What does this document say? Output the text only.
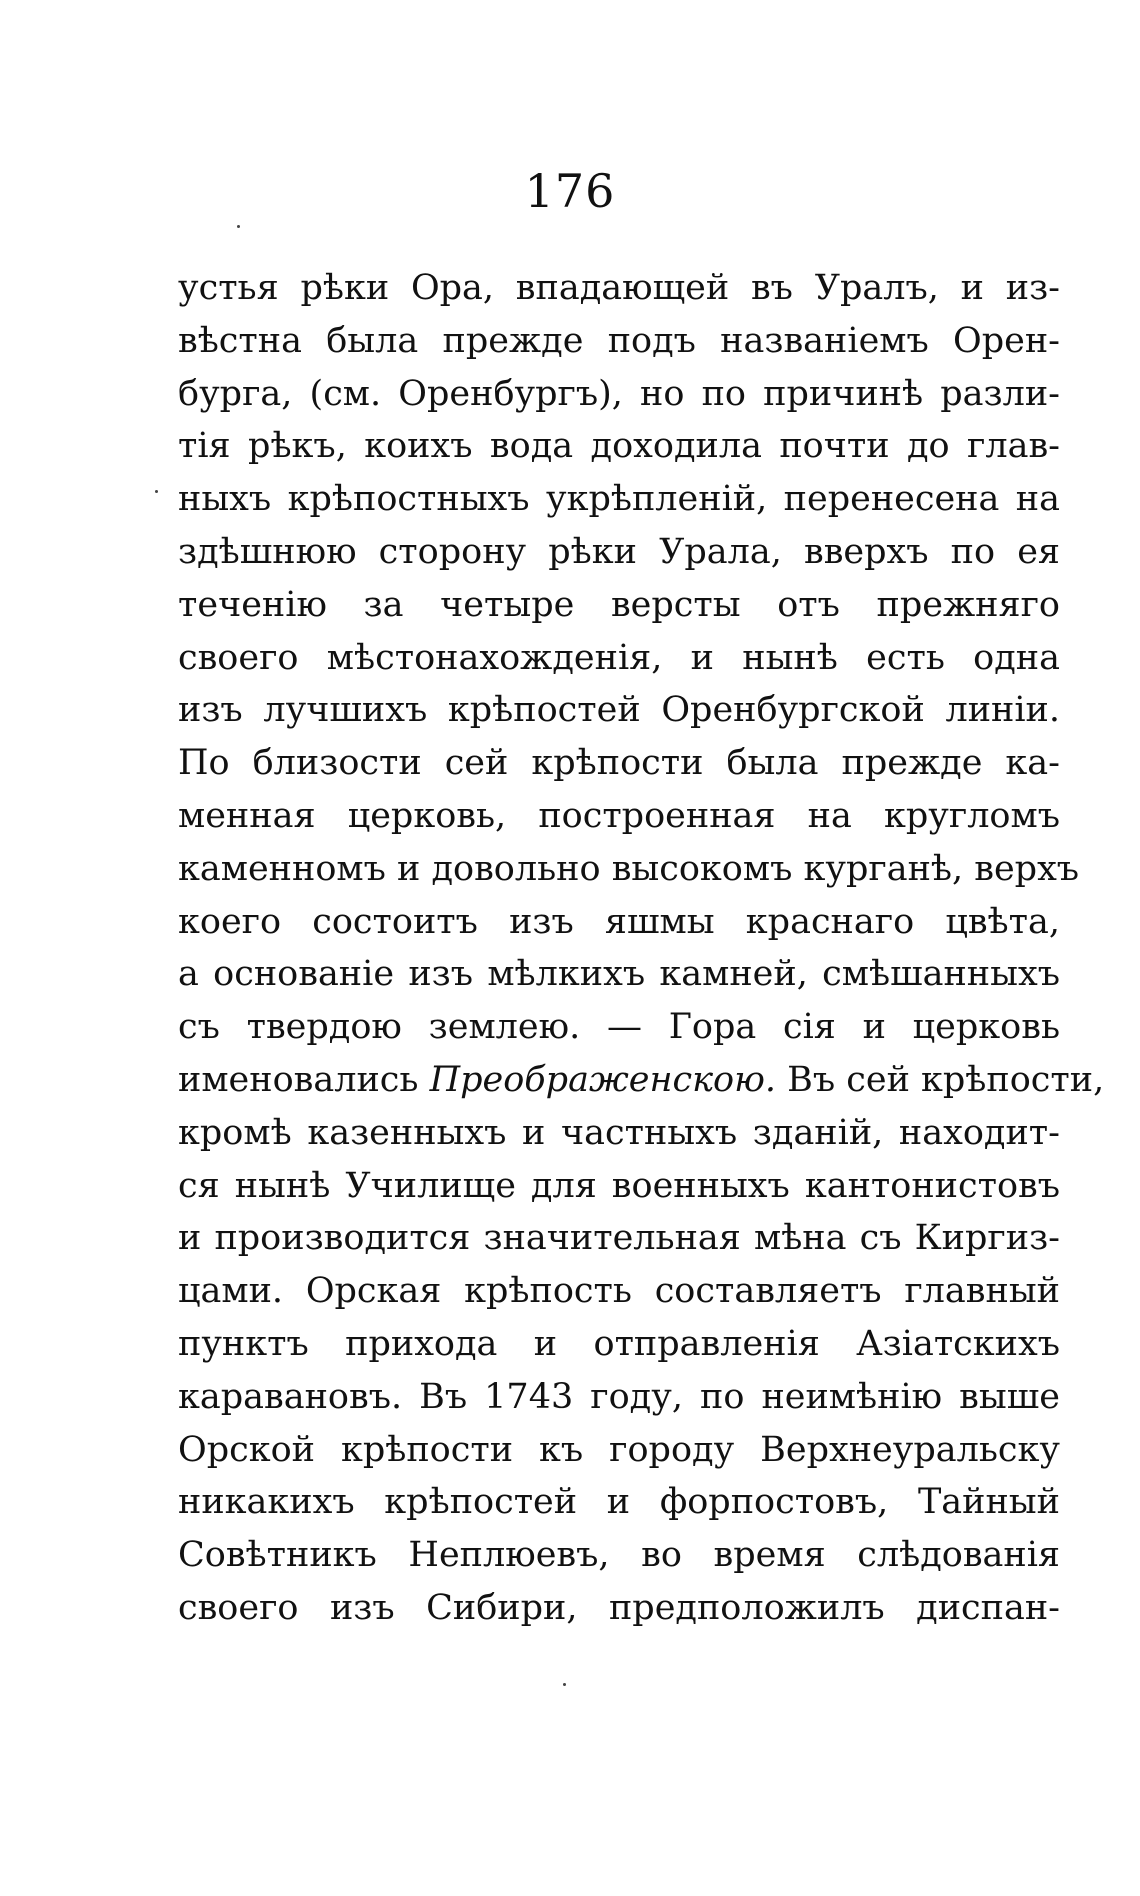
176
устья рѣки Ора, впадающей въ Уралъ, и из-
вѣстна была прежде подъ названіемъ Орен-
бурга, (см. Оренбургъ), но по причинѣ разли-
тія рѣкъ, коихъ вода доходила почти до глав-
ныхъ крѣпостныхъ укрѣпленій, перенесена на
здѣшнюю сторону рѣки Урала, вверхъ по ея
теченію за четыре версты отъ прежняго
своего мѣстонахожденія, и нынѣ есть одна
изъ лучшихъ крѣпостей Оренбургской линіи.
По близости сей крѣпости была прежде ка-
менная церковь, построенная на кругломъ
каменномъ и довольно высокомъ курганѣ, верхъ
коего состоитъ изъ яшмы краснаго цвѣта,
а основаніе изъ мѣлкихъ камней, смѣшанныхъ
съ твердою землею. — Гора сія и церковь
именовались Преображенскою. Въ сей крѣпости,
кромѣ казенныхъ и частныхъ зданій, находит-
ся нынѣ Училище для военныхъ кантонистовъ
и производится значительная мѣна съ Киргиз-
цами. Орская крѣпость составляетъ главный
пунктъ прихода и отправленія Азіатскихъ
каравановъ. Въ 1743 году, по неимѣнію выше
Орской крѣпости къ городу Верхнеуральску
никакихъ крѣпостей и форпостовъ, Тайный
Совѣтникъ Неплюевъ, во время слѣдованія
своего изъ Сибири, предположилъ диспан-
